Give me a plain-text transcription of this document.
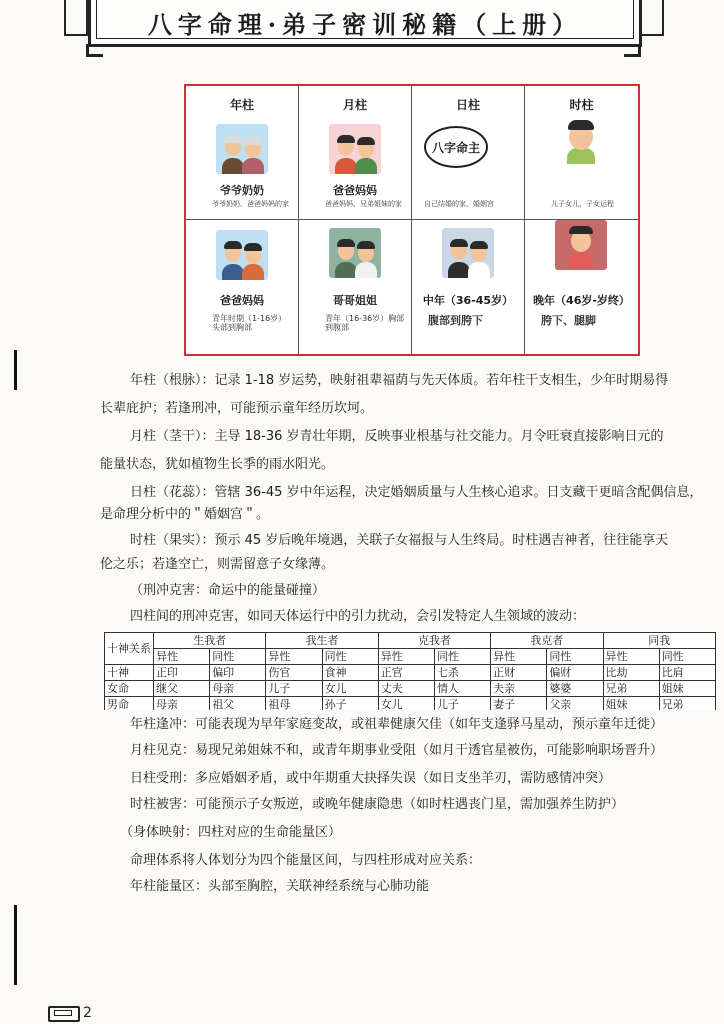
八字命理·弟子密训秘籍（上册）
年柱
爷爷奶奶
爷爷奶奶、爸爸妈妈的家
月柱
爸爸妈妈
爸爸妈妈、兄弟姐妹的家
日柱
八字命主
自己结婚的家、婚姻宫
时柱
儿子女儿、子女运程
爸爸妈妈
青年时期（1-16岁）头部到胸部
哥哥姐姐
青年（16-36岁）胸部到腹部
中年（36-45岁）
腹部到胯下
晚年（46岁-岁终）
胯下、腿脚
年柱（根脉）：记录 1-18 岁运势，映射祖辈福荫与先天体质。若年柱干支相生，少年时期易得
长辈庇护；若逢刑冲，可能预示童年经历坎坷。
月柱（茎干）：主导 18-36 岁青壮年期，反映事业根基与社交能力。月令旺衰直接影响日元的
能量状态，犹如植物生长季的雨水阳光。
日柱（花蕊）：管辖 36-45 岁中年运程，决定婚姻质量与人生核心追求。日支藏干更暗含配偶信息，
是命理分析中的＂婚姻宫＂。
时柱（果实）：预示 45 岁后晚年境遇，关联子女福报与人生终局。时柱遇吉神者，往往能享天
伦之乐；若逢空亡，则需留意子女缘薄。
（刑冲克害：命运中的能量碰撞）
四柱间的刑冲克害，如同天体运行中的引力扰动，会引发特定人生领域的波动：
十神关系	生我者		我生者		克我者		我克者		同我	
	异性	同性	异性	同性	异性	同性	异性	同性	异性	同性
十神	正印	偏印	伤官	食神	正官	七杀	正财	偏财	比劫	比肩
女命	继父	母亲	儿子	女儿	丈夫	情人	夫亲	婆婆	兄弟	姐妹
男命	母亲	祖父	祖母	孙子	女儿	儿子	妻子	父亲	姐妹	兄弟
年柱逢冲：可能表现为早年家庭变故，或祖辈健康欠佳（如年支逢驿马星动，预示童年迁徙）
月柱见克：易现兄弟姐妹不和，或青年期事业受阻（如月干透官星被伤，可能影响职场晋升）
日柱受刑：多应婚姻矛盾，或中年期重大抉择失误（如日支坐羊刃，需防感情冲突）
时柱被害：可能预示子女叛逆，或晚年健康隐患（如时柱遇丧门星，需加强养生防护）
（身体映射：四柱对应的生命能量区）
命理体系将人体划分为四个能量区间，与四柱形成对应关系：
年柱能量区：头部至胸腔，关联神经系统与心肺功能
2
